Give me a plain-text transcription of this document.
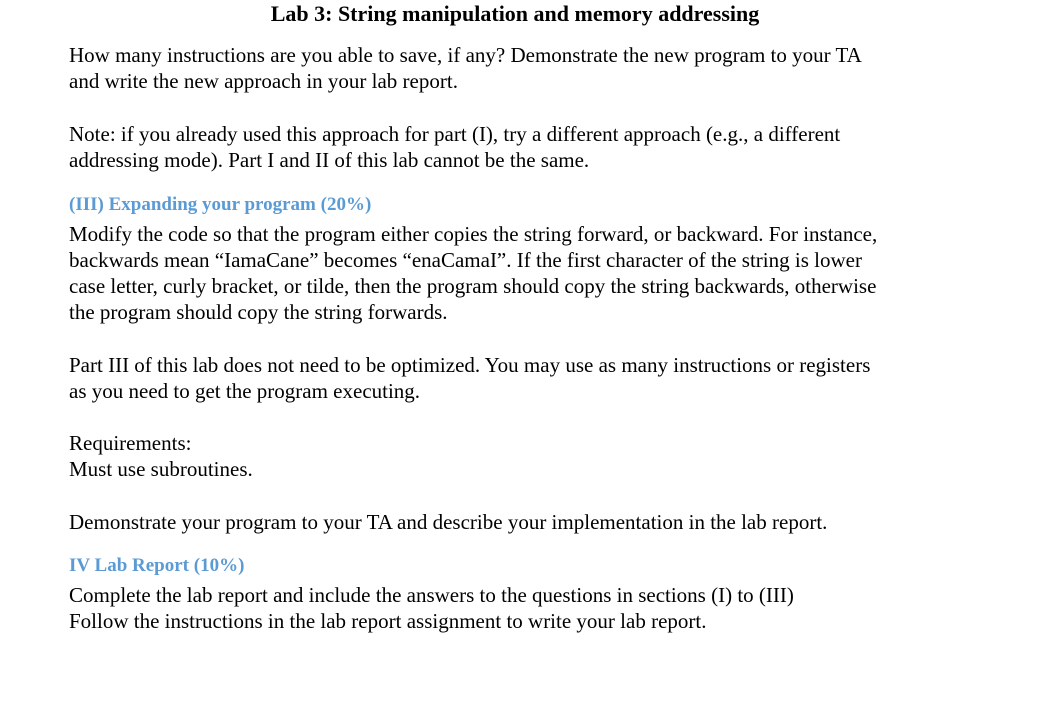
Lab 3: String manipulation and memory addressing

How many instructions are you able to save, if any? Demonstrate the new program to your TA

and write the new approach in your lab report.

Note: if you already used this approach for part (I), try a different approach (e.g., a different

addressing mode). Part I and II of this lab cannot be the same.

(III) Expanding your program (20%)

Modify the code so that the program either copies the string forward, or backward. For instance,

backwards mean “IamaCane” becomes “enaCamaI”. If the first character of the string is lower

case letter, curly bracket, or tilde, then the program should copy the string backwards, otherwise

the program should copy the string forwards.

Part III of this lab does not need to be optimized. You may use as many instructions or registers

as you need to get the program executing.

Requirements:

Must use subroutines.

Demonstrate your program to your TA and describe your implementation in the lab report.

IV Lab Report (10%)

Complete the lab report and include the answers to the questions in sections (I) to (III)

Follow the instructions in the lab report assignment to write your lab report.
